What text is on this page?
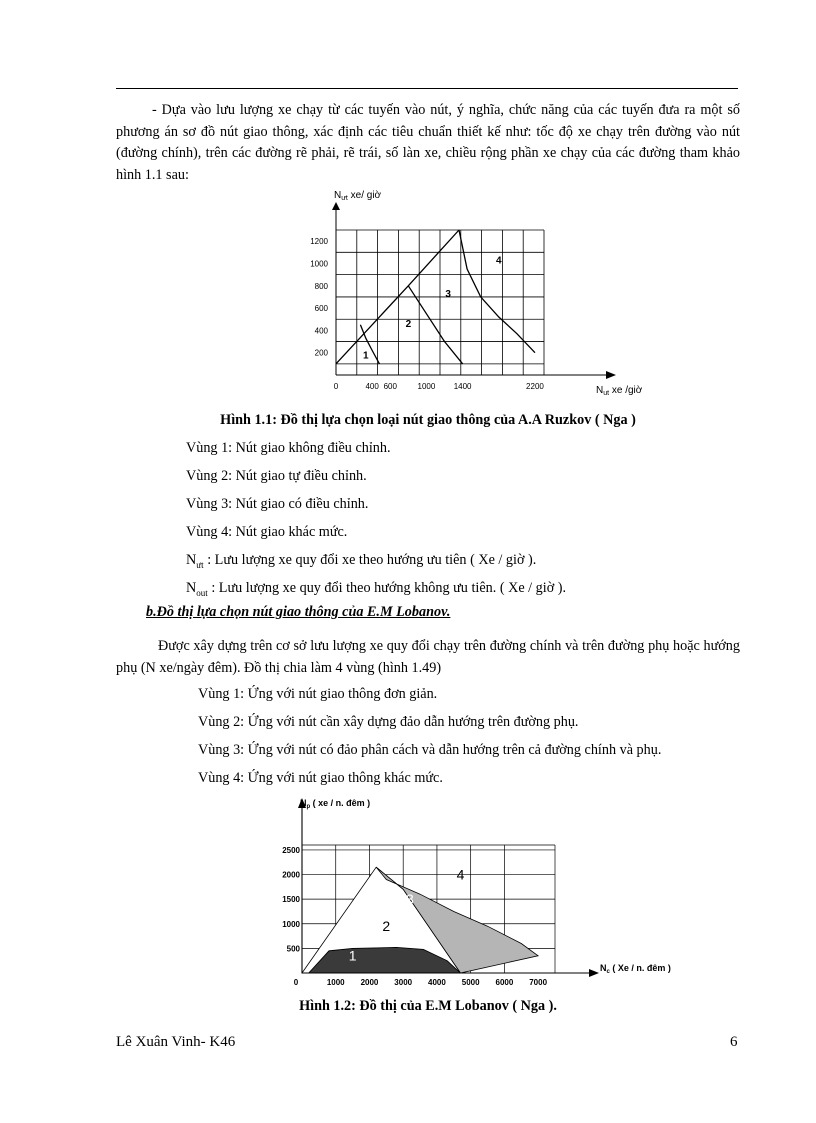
- Dựa vào lưu lượng xe chạy từ các tuyến vào nút, ý nghĩa, chức năng của các tuyến đưa ra một số phương án sơ đồ nút giao thông, xác định các tiêu chuẩn thiết kế như: tốc độ xe chạy trên đường vào nút (đường chính), trên các đường rẽ phải, rẽ trái, số làn xe, chiều rộng phần xe chạy của các đường tham khảo hình 1.1 sau:
0	400 600	1000 1400	2200
200
400
600
800
1000
1200
1
2
3
4
$N_{ưt}$ xe/ giờ
$N_{ut}$ xe /giờ
Hình 1.1: Đồ thị lựa chọn loại nút giao thông của A.A Ruzkov ( Nga )
Vùng 1: Nút giao không điều chỉnh.
Vùng 2: Nút giao tự điều chỉnh.
Vùng 3: Nút giao có điều chỉnh.
Vùng 4: Nút giao khác mức.
$N_{ưt}$ : Lưu lượng xe quy đổi xe theo hướng ưu tiên ( Xe / giờ ).
$N_{out}$ : Lưu lượng xe quy đổi theo hướng không ưu tiên. ( Xe / giờ ).
b.Đồ thị lựa chọn nút giao thông của E.M Lobanov.
Được xây dựng trên cơ sở lưu lượng xe quy đổi chạy trên đường chính và trên đường phụ hoặc hướng phụ (N xe/ngày đêm). Đồ thị chia làm 4 vùng (hình 1.49)
Vùng 1: Ứng với nút giao thông đơn giản.
Vùng 2: Ứng với nút cần xây dựng đảo dẫn hướng trên đường phụ.
Vùng 3: Ứng với nút có đảo phân cách và dẫn hướng trên cả đường chính và phụ.
Vùng 4: Ứng với nút giao thông khác mức.
0	1000 2000 3000 4000 5000 6000 7000
500
1000
1500
2000
2500
1
2
3
4
$N_p$ ( xe / n. đêm )
$N_c$ ( Xe / n. đêm )
Hình 1.2: Đồ thị của E.M Lobanov ( Nga ).
Lê Xuân Vinh- K46	6
